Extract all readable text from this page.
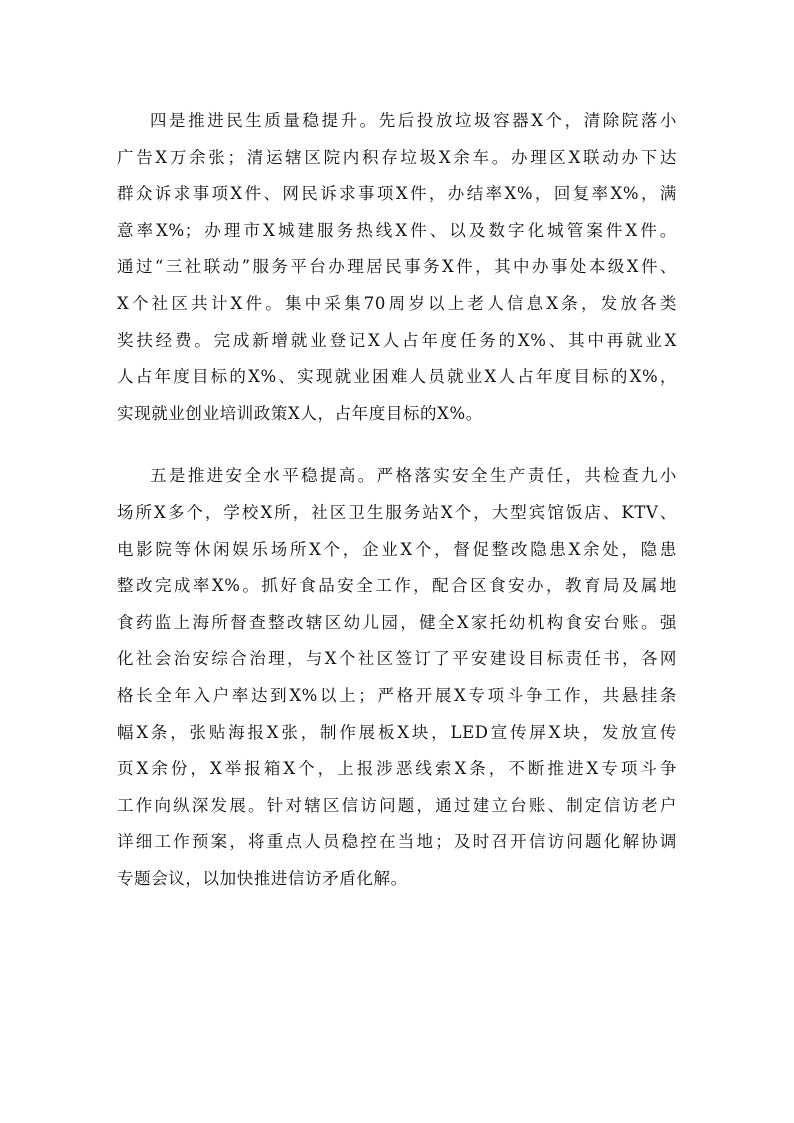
四是推进民生质量稳提升。先后投放垃圾容器X个，清除院落小
广告X万余张；清运辖区院内积存垃圾X余车。办理区X联动办下达
群众诉求事项X件、网民诉求事项X件，办结率X%，回复率X%，满
意率X%；办理市X城建服务热线X件、以及数字化城管案件X件。
通过“三社联动”服务平台办理居民事务X件，其中办事处本级X件、
X个社区共计X件。集中采集70周岁以上老人信息X条，发放各类
奖扶经费。完成新增就业登记X人占年度任务的X%、其中再就业X
人占年度目标的X%、实现就业困难人员就业X人占年度目标的X%，
实现就业创业培训政策X人，占年度目标的X%。
五是推进安全水平稳提高。严格落实安全生产责任，共检查九小
场所X多个，学校X所，社区卫生服务站X个，大型宾馆饭店、KTV、
电影院等休闲娱乐场所X个，企业X个，督促整改隐患X余处，隐患
整改完成率X%。抓好食品安全工作，配合区食安办，教育局及属地
食药监上海所督查整改辖区幼儿园，健全X家托幼机构食安台账。强
化社会治安综合治理，与X个社区签订了平安建设目标责任书，各网
格长全年入户率达到X%以上；严格开展X专项斗争工作，共悬挂条
幅X条，张贴海报X张，制作展板X块，LED宣传屏X块，发放宣传
页X余份，X举报箱X个，上报涉恶线索X条，不断推进X专项斗争
工作向纵深发展。针对辖区信访问题，通过建立台账、制定信访老户
详细工作预案，将重点人员稳控在当地；及时召开信访问题化解协调
专题会议，以加快推进信访矛盾化解。
